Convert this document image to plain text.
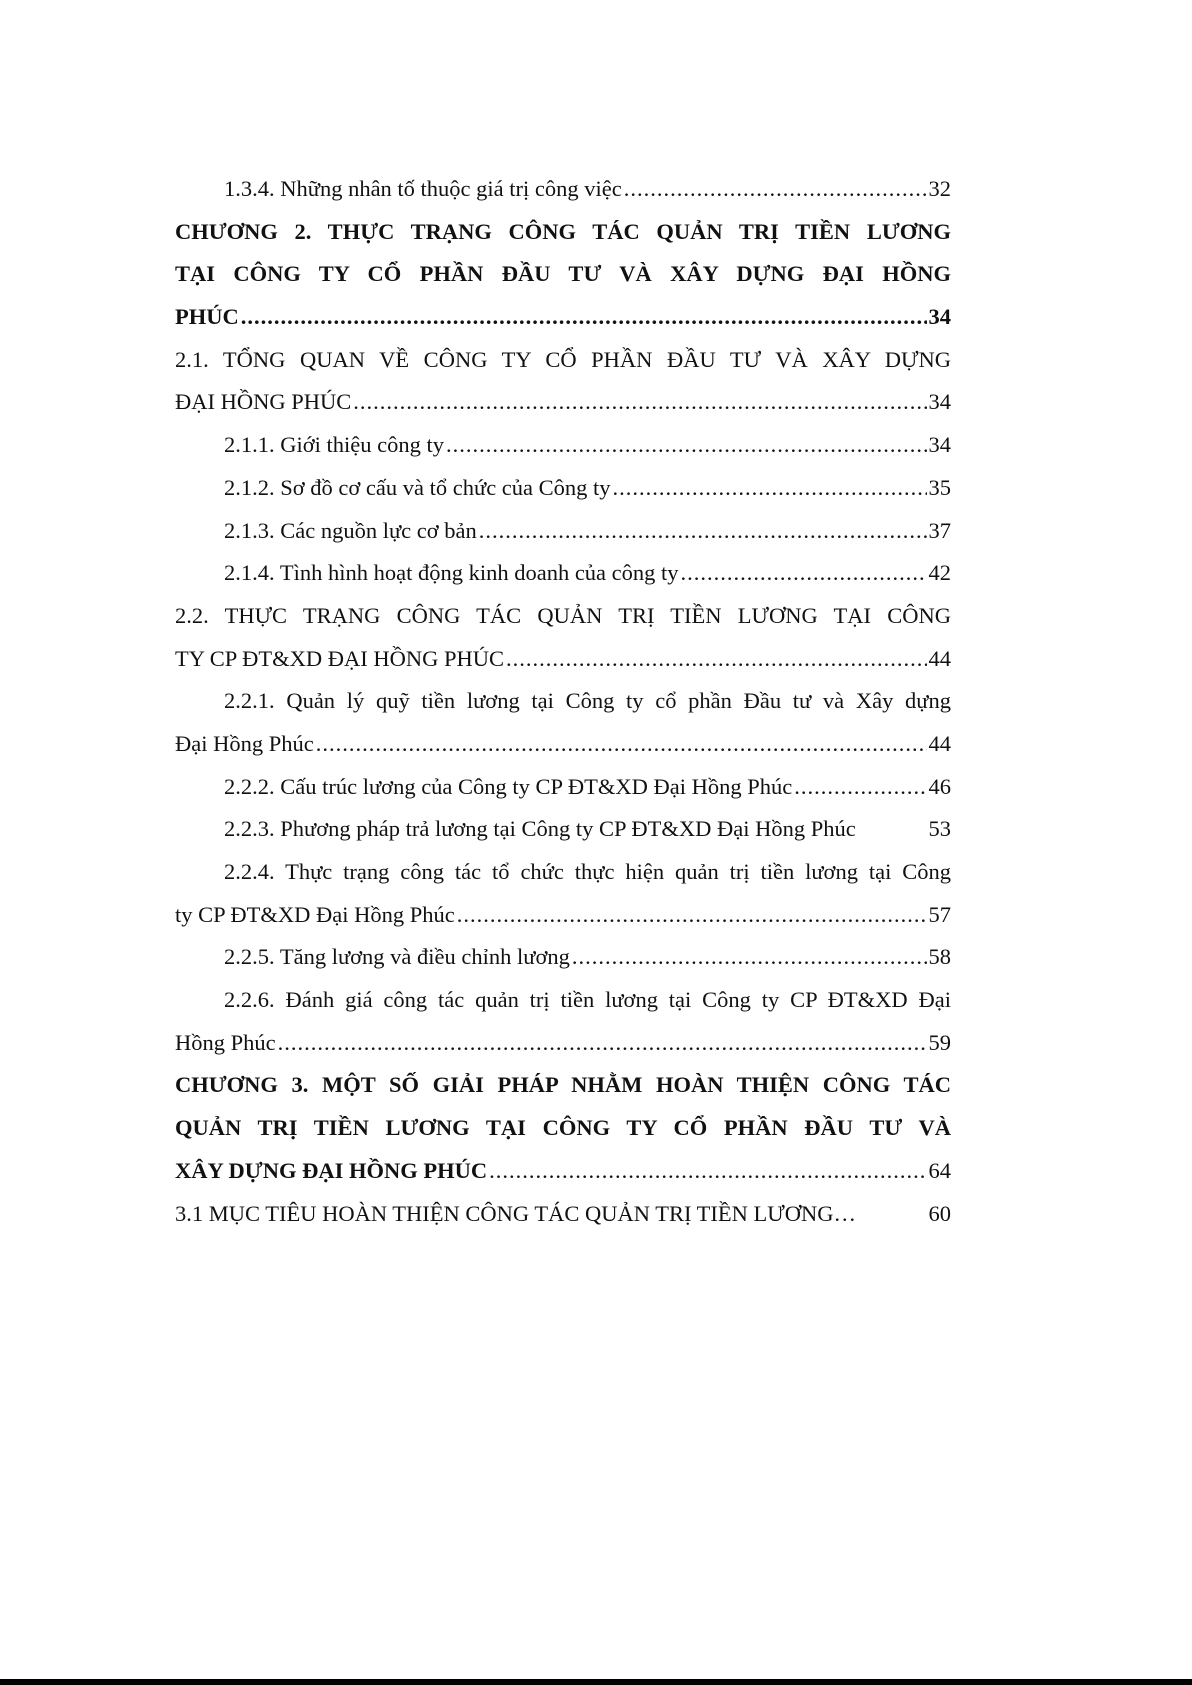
1.3.4. Những nhân tố thuộc giá trị công việc .....	32
CHƯƠNG 2. THỰC TRẠNG CÔNG TÁC QUẢN TRỊ TIỀN LƯƠNG
TẠI CÔNG TY CỔ PHẦN ĐẦU TƯ VÀ XÂY DỰNG ĐẠI HỒNG
PHÚC .....	34
2.1. TỔNG QUAN VỀ CÔNG TY CỔ PHẦN ĐẦU TƯ VÀ XÂY DỰNG
ĐẠI HỒNG PHÚC .....	34
2.1.1. Giới thiệu công ty .....	34
2.1.2. Sơ đồ cơ cấu và tổ chức của Công ty .....	35
2.1.3. Các nguồn lực cơ bản .....	37
2.1.4. Tình hình hoạt động kinh doanh của công ty .....	42
2.2. THỰC TRẠNG CÔNG TÁC QUẢN TRỊ TIỀN LƯƠNG TẠI CÔNG
TY CP ĐT&XD ĐẠI HỒNG PHÚC .....	44
2.2.1. Quản lý quỹ tiền lương tại Công ty cổ phần Đầu tư và Xây dựng
Đại Hồng Phúc .....	44
2.2.2. Cấu trúc lương của Công ty CP ĐT&XD Đại Hồng Phúc .....	46
2.2.3. Phương pháp trả lương tại Công ty CP ĐT&XD Đại Hồng Phúc	53
2.2.4. Thực trạng công tác tổ chức thực hiện quản trị tiền lương tại Công
ty CP ĐT&XD Đại Hồng Phúc .....	57
2.2.5. Tăng lương và điều chỉnh lương .....	58
2.2.6. Đánh giá công tác quản trị tiền lương tại Công ty CP ĐT&XD Đại
Hồng Phúc .....	59
CHƯƠNG 3. MỘT SỐ GIẢI PHÁP NHẰM HOÀN THIỆN CÔNG TÁC
QUẢN TRỊ TIỀN LƯƠNG TẠI CÔNG TY CỔ PHẦN ĐẦU TƯ VÀ
XÂY DỰNG ĐẠI HỒNG PHÚC .....	64
3.1 MỤC TIÊU HOÀN THIỆN CÔNG TÁC QUẢN TRỊ TIỀN LƯƠNG…	60
